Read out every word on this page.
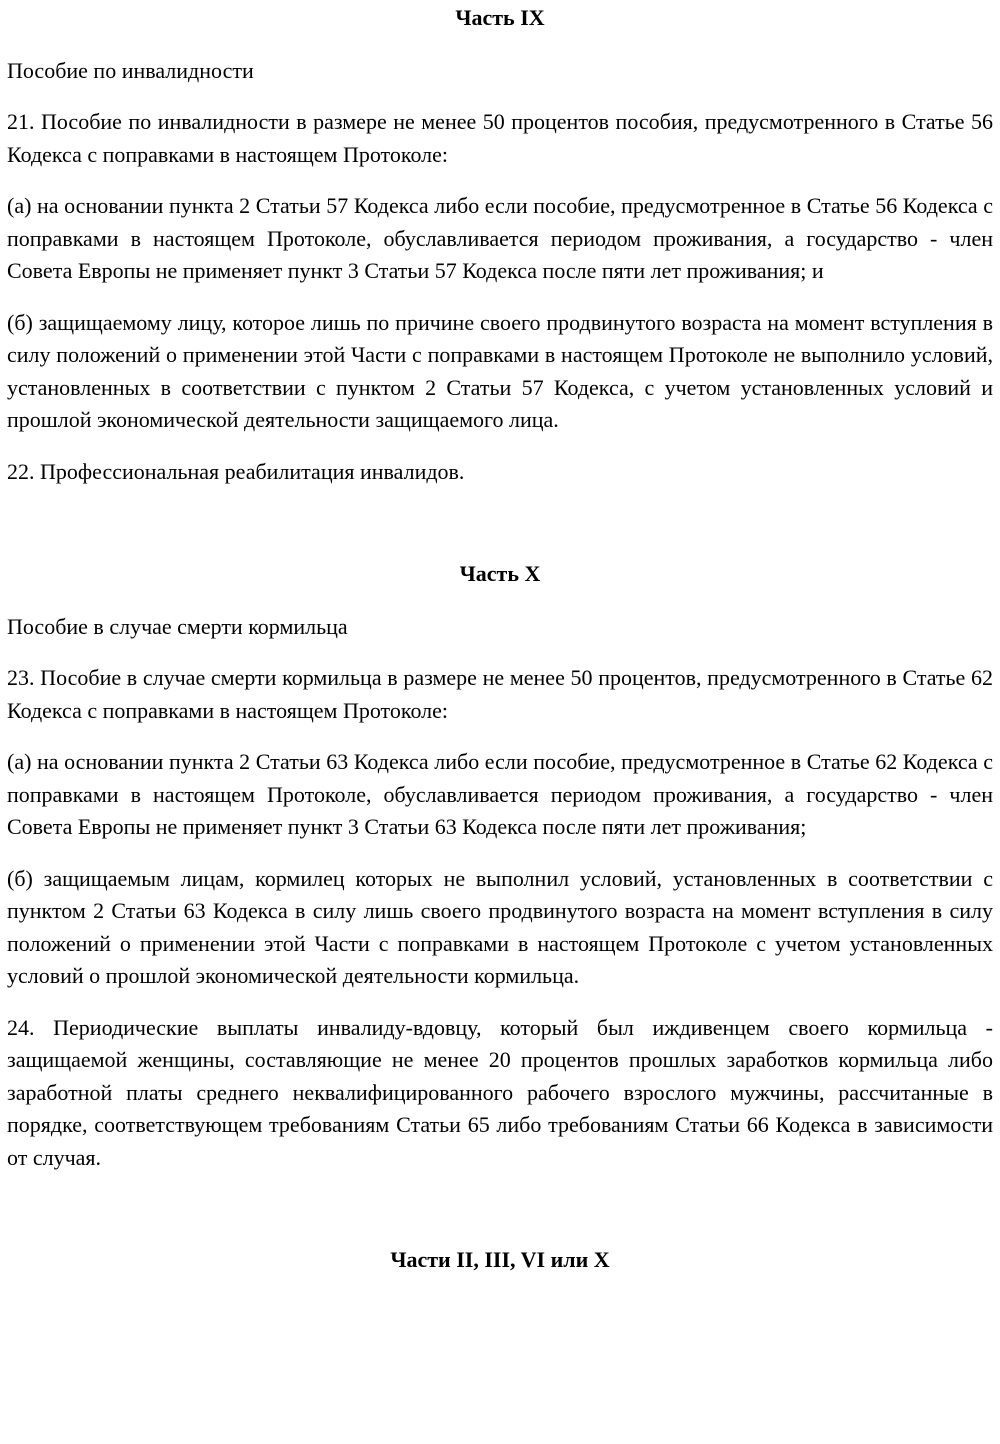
Часть IX

Пособие по инвалидности

21. Пособие по инвалидности в размере не менее 50 процентов пособия, предусмотренного в Статье 56 Кодекса с поправками в настоящем Протоколе:

(а) на основании пункта 2 Статьи 57 Кодекса либо если пособие, предусмотренное в Статье 56 Кодекса с поправками в настоящем Протоколе, обуславливается периодом проживания, а государство - член Совета Европы не применяет пункт 3 Статьи 57 Кодекса после пяти лет проживания; и

(б) защищаемому лицу, которое лишь по причине своего продвинутого возраста на момент вступления в силу положений о применении этой Части с поправками в настоящем Протоколе не выполнило условий, установленных в соответствии с пунктом 2 Статьи 57 Кодекса, с учетом установленных условий и прошлой экономической деятельности защищаемого лица.

22. Профессиональная реабилитация инвалидов.

Часть X

Пособие в случае смерти кормильца

23. Пособие в случае смерти кормильца в размере не менее 50 процентов, предусмотренного в Статье 62 Кодекса с поправками в настоящем Протоколе:

(а) на основании пункта 2 Статьи 63 Кодекса либо если пособие, предусмотренное в Статье 62 Кодекса с поправками в настоящем Протоколе, обуславливается периодом проживания, а государство - член Совета Европы не применяет пункт 3 Статьи 63 Кодекса после пяти лет проживания;

(б) защищаемым лицам, кормилец которых не выполнил условий, установленных в соответствии с пунктом 2 Статьи 63 Кодекса в силу лишь своего продвинутого возраста на момент вступления в силу положений о применении этой Части с поправками в настоящем Протоколе с учетом установленных условий о прошлой экономической деятельности кормильца.

24. Периодические выплаты инвалиду-вдовцу, который был иждивенцем своего кормильца - защищаемой женщины, составляющие не менее 20 процентов прошлых заработков кормильца либо заработной платы среднего неквалифицированного рабочего взрослого мужчины, рассчитанные в порядке, соответствующем требованиям Статьи 65 либо требованиям Статьи 66 Кодекса в зависимости от случая.

Части II, III, VI или X
